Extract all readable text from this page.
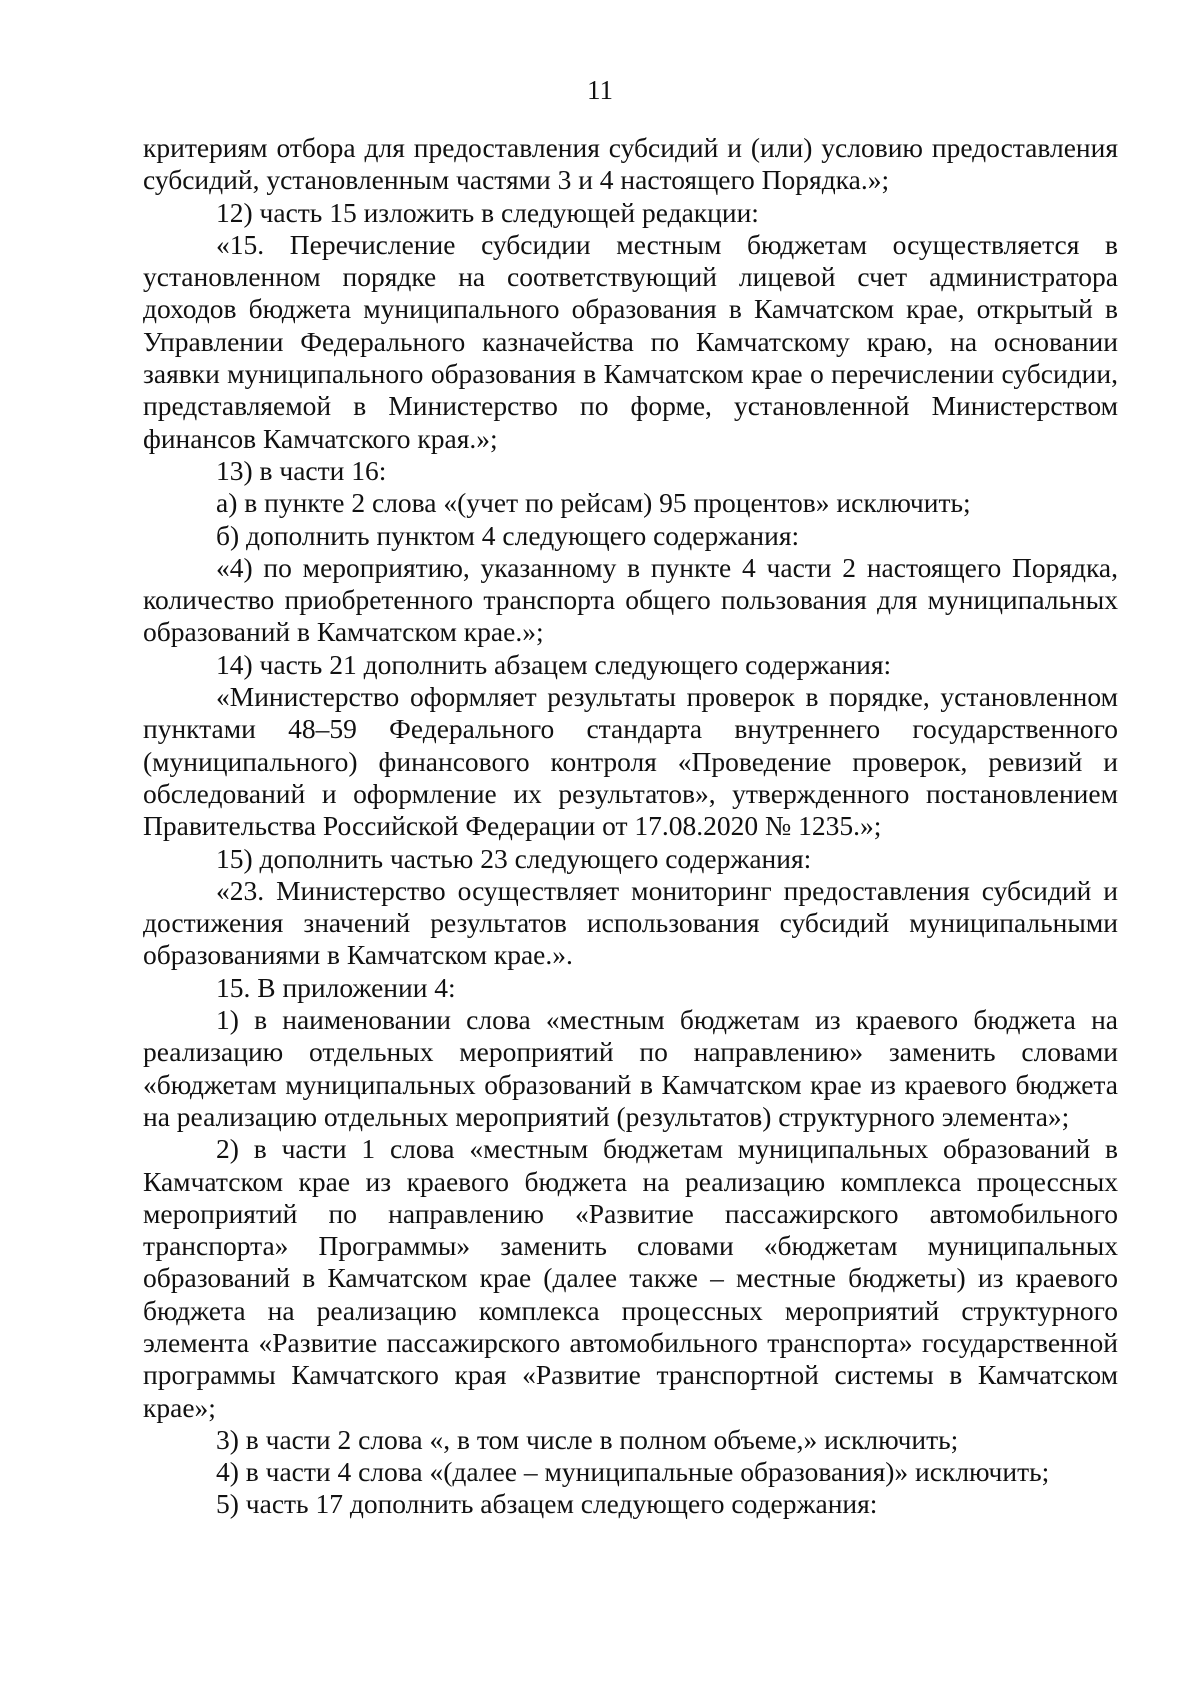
11

критериям отбора для предоставления субсидий и (или) условию предоставления субсидий, установленным частями 3 и 4 настоящего Порядка.»;

12) часть 15 изложить в следующей редакции:

«15. Перечисление субсидии местным бюджетам осуществляется в установленном порядке на соответствующий лицевой счет администратора доходов бюджета муниципального образования в Камчатском крае, открытый в Управлении Федерального казначейства по Камчатскому краю, на основании заявки муниципального образования в Камчатском крае о перечислении субсидии, представляемой в Министерство по форме, установленной Министерством финансов Камчатского края.»;

13) в части 16:

а) в пункте 2 слова «(учет по рейсам) 95 процентов» исключить;

б) дополнить пунктом 4 следующего содержания:

«4) по мероприятию, указанному в пункте 4 части 2 настоящего Порядка, количество приобретенного транспорта общего пользования для муниципальных образований в Камчатском крае.»;

14) часть 21 дополнить абзацем следующего содержания:

«Министерство оформляет результаты проверок в порядке, установленном пунктами 48–59 Федерального стандарта внутреннего государственного (муниципального) финансового контроля «Проведение проверок, ревизий и обследований и оформление их результатов», утвержденного постановлением Правительства Российской Федерации от 17.08.2020 № 1235.»;

15) дополнить частью 23 следующего содержания:

«23. Министерство осуществляет мониторинг предоставления субсидий и достижения значений результатов использования субсидий муниципальными образованиями в Камчатском крае.».

15. В приложении 4:

1) в наименовании слова «местным бюджетам из краевого бюджета на реализацию отдельных мероприятий по направлению» заменить словами «бюджетам муниципальных образований в Камчатском крае из краевого бюджета на реализацию отдельных мероприятий (результатов) структурного элемента»;

2) в части 1 слова «местным бюджетам муниципальных образований в Камчатском крае из краевого бюджета на реализацию комплекса процессных мероприятий по направлению «Развитие пассажирского автомобильного транспорта» Программы» заменить словами «бюджетам муниципальных образований в Камчатском крае (далее также – местные бюджеты) из краевого бюджета на реализацию комплекса процессных мероприятий структурного элемента «Развитие пассажирского автомобильного транспорта» государственной программы Камчатского края «Развитие транспортной системы в Камчатском крае»;

3) в части 2 слова «, в том числе в полном объеме,» исключить;

4) в части 4 слова «(далее – муниципальные образования)» исключить;

5) часть 17 дополнить абзацем следующего содержания:
